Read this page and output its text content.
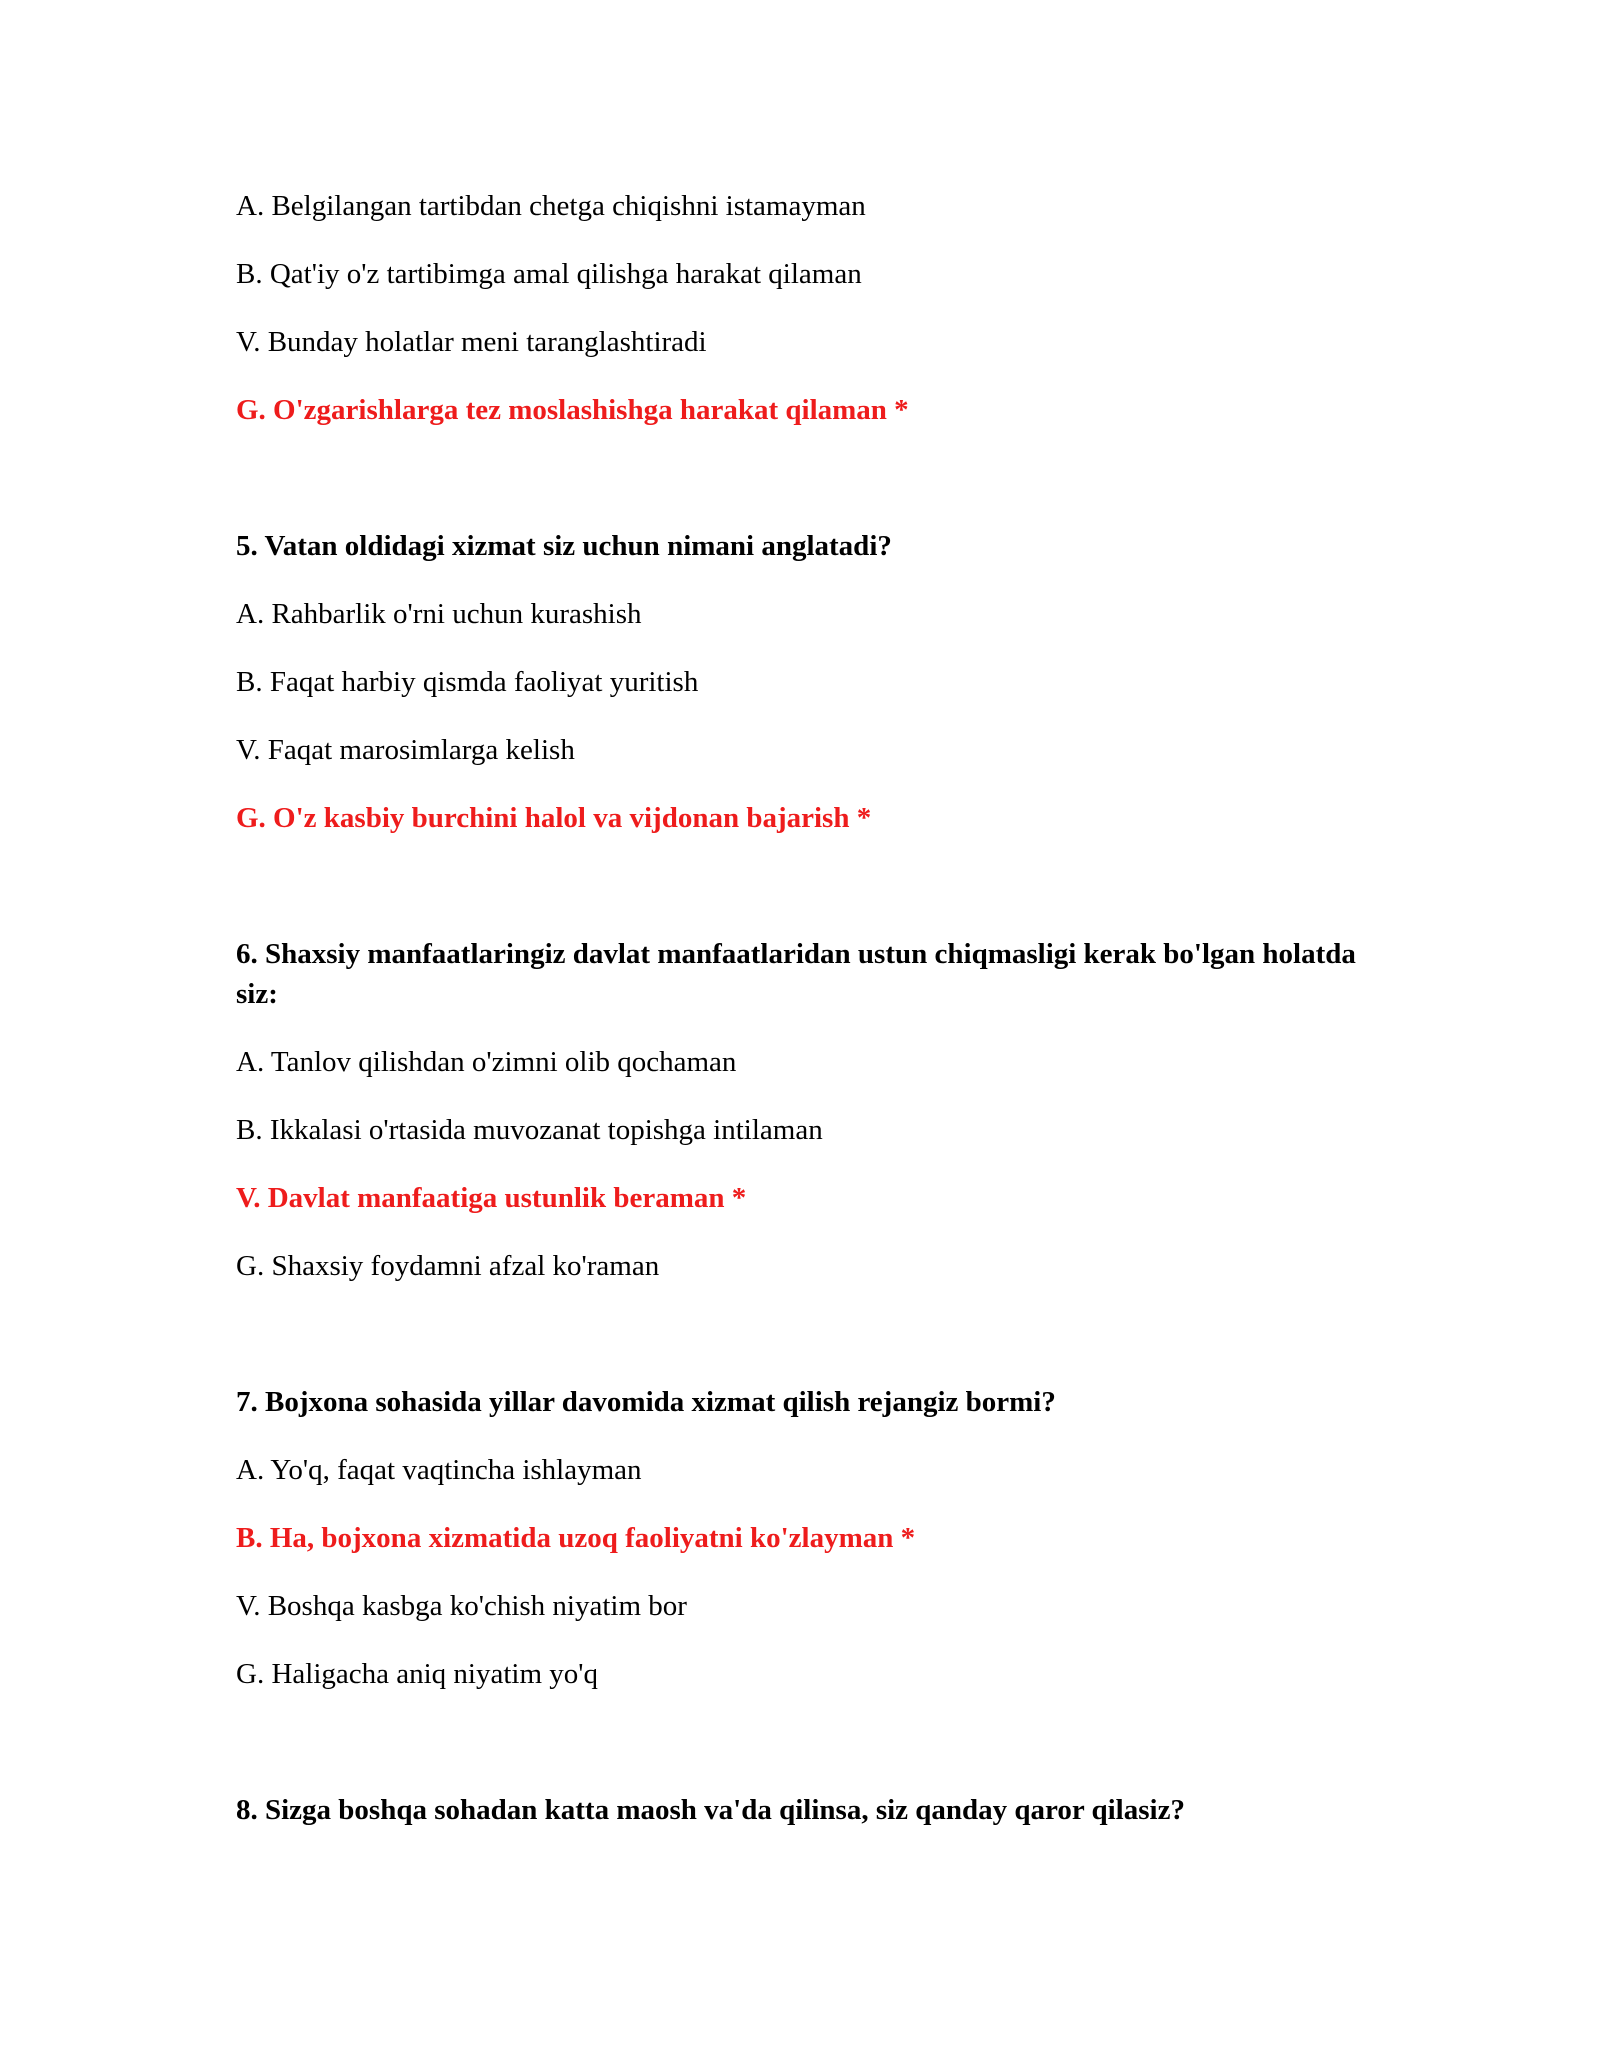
A. Belgilangan tartibdan chetga chiqishni istamayman
B. Qat'iy o'z tartibimga amal qilishga harakat qilaman
V. Bunday holatlar meni taranglashtiradi
G. O'zgarishlarga tez moslashishga harakat qilaman *
5. Vatan oldidagi xizmat siz uchun nimani anglatadi?
A. Rahbarlik o'rni uchun kurashish
B. Faqat harbiy qismda faoliyat yuritish
V. Faqat marosimlarga kelish
G. O'z kasbiy burchini halol va vijdonan bajarish *
6. Shaxsiy manfaatlaringiz davlat manfaatlaridan ustun chiqmasligi kerak bo'lgan holatda siz:
A. Tanlov qilishdan o'zimni olib qochaman
B. Ikkalasi o'rtasida muvozanat topishga intilaman
V. Davlat manfaatiga ustunlik beraman *
G. Shaxsiy foydamni afzal ko'raman
7. Bojxona sohasida yillar davomida xizmat qilish rejangiz bormi?
A. Yo'q, faqat vaqtincha ishlayman
B. Ha, bojxona xizmatida uzoq faoliyatni ko'zlayman *
V. Boshqa kasbga ko'chish niyatim bor
G. Haligacha aniq niyatim yo'q
8. Sizga boshqa sohadan katta maosh va'da qilinsa, siz qanday qaror qilasiz?
